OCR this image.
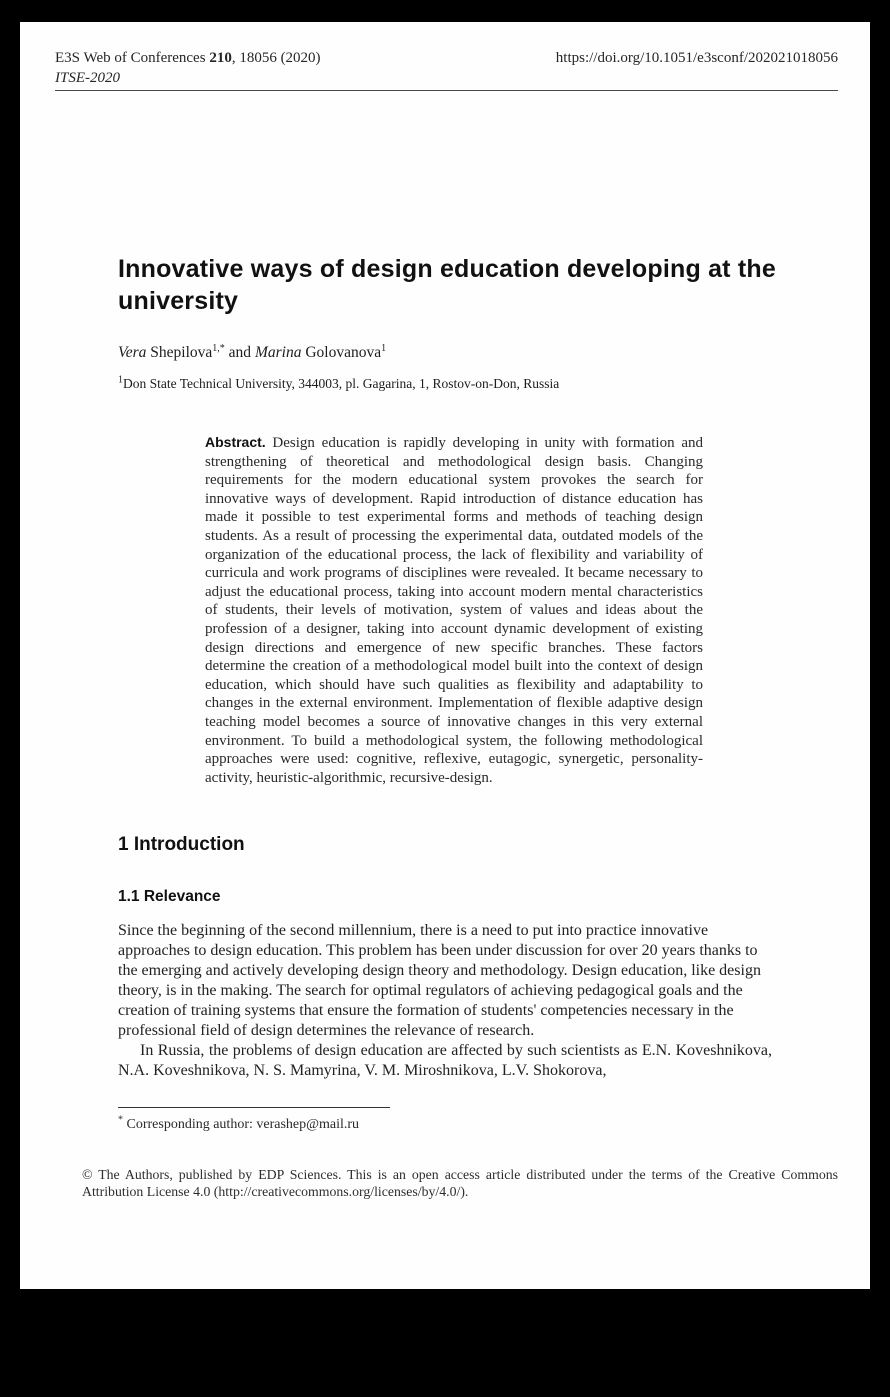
E3S Web of Conferences 210, 18056 (2020)	https://doi.org/10.1051/e3sconf/202021018056
ITSE-2020
Innovative ways of design education developing at the university

Vera Shepilova$^{1,*}$ and Marina Golovanova$^1$

$^1$Don State Technical University, 344003, pl. Gagarina, 1, Rostov-on-Don, Russia

Abstract. Design education is rapidly developing in unity with formation and strengthening of theoretical and methodological design basis. Changing requirements for the modern educational system provokes the search for innovative ways of development. Rapid introduction of distance education has made it possible to test experimental forms and methods of teaching design students. As a result of processing the experimental data, outdated models of the organization of the educational process, the lack of flexibility and variability of curricula and work programs of disciplines were revealed. It became necessary to adjust the educational process, taking into account modern mental characteristics of students, their levels of motivation, system of values and ideas about the profession of a designer, taking into account dynamic development of existing design directions and emergence of new specific branches. These factors determine the creation of a methodological model built into the context of design education, which should have such qualities as flexibility and adaptability to changes in the external environment. Implementation of flexible adaptive design teaching model becomes a source of innovative changes in this very external environment. To build a methodological system, the following methodological approaches were used: cognitive, reflexive, eutagogic, synergetic, personality-activity, heuristic-algorithmic, recursive-design.
1 Introduction
1.1 Relevance

Since the beginning of the second millennium, there is a need to put into practice innovative approaches to design education. This problem has been under discussion for over 20 years thanks to the emerging and actively developing design theory and methodology. Design education, like design theory, is in the making. The search for optimal regulators of achieving pedagogical goals and the creation of training systems that ensure the formation of students' competencies necessary in the professional field of design determines the relevance of research.

In Russia, the problems of design education are affected by such scientists as E.N. Koveshnikova, N.A. Koveshnikova, N. S. Mamyrina, V. M. Miroshnikova, L.V. Shokorova,

* Corresponding author: verashep@mail.ru

© The Authors, published by EDP Sciences. This is an open access article distributed under the terms of the Creative Commons Attribution License 4.0 (http://creativecommons.org/licenses/by/4.0/).
